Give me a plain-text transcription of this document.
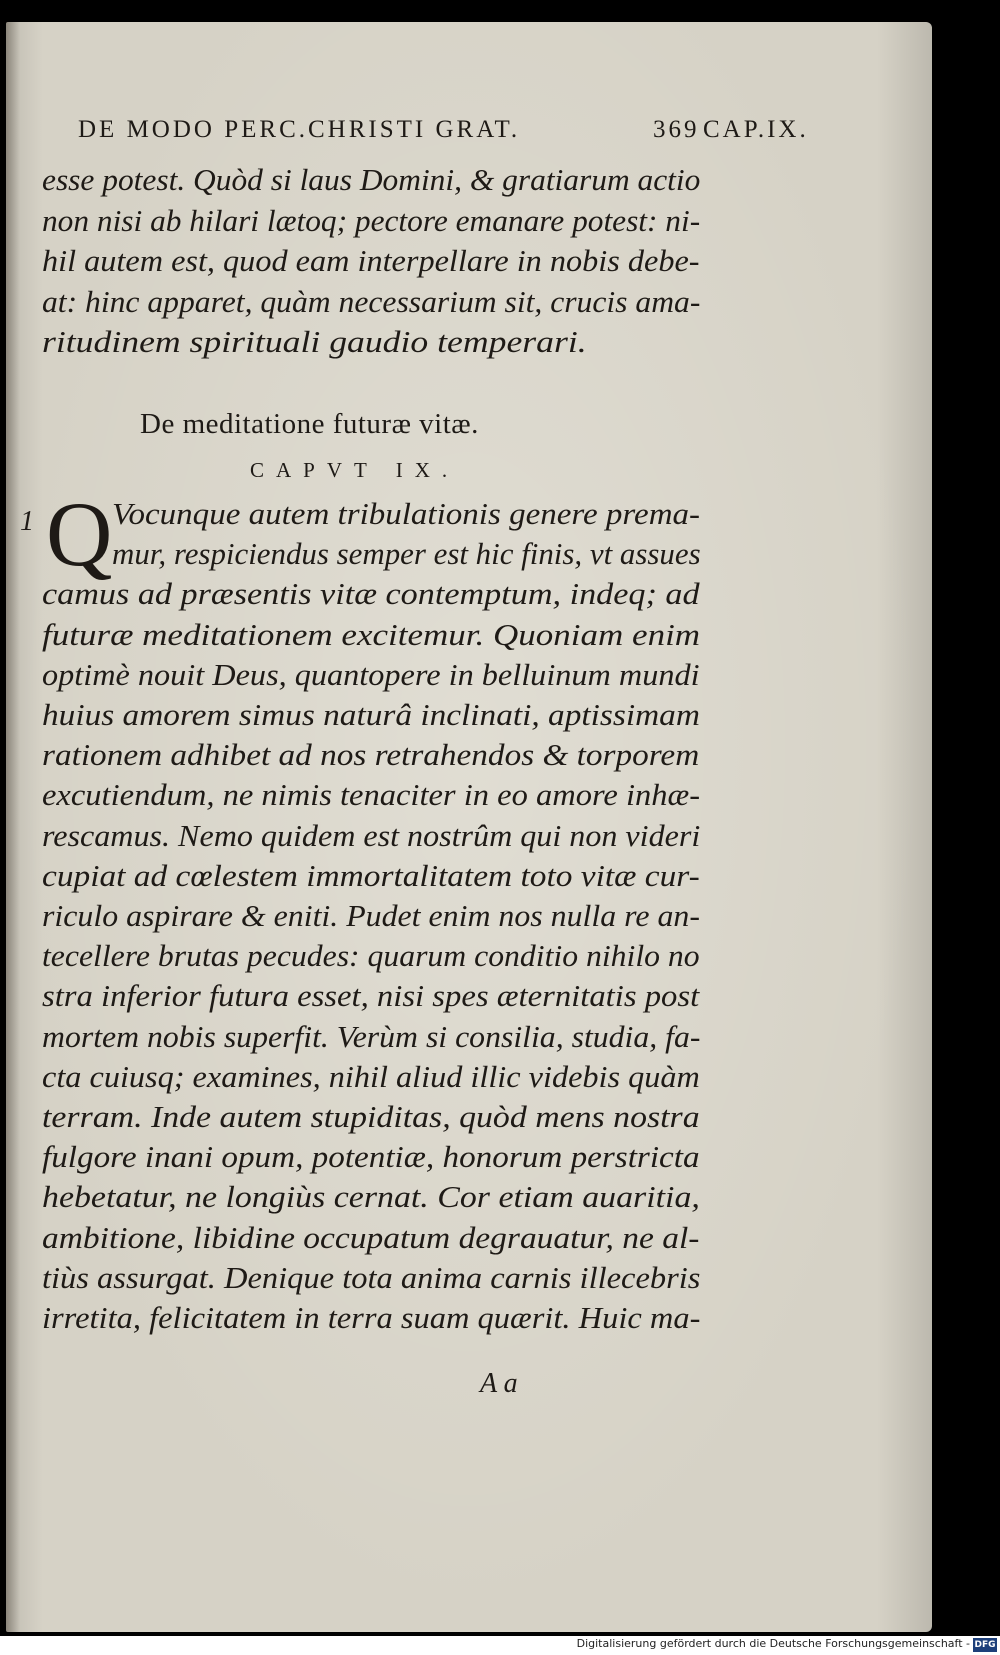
DE MODO PERC.CHRISTI GRAT.	369 CAP.IX.
esse potest. Quòd si laus Domini, & gratiarum actio
non nisi ab hilari lætoq; pectore emanare potest: ni-
hil autem est, quod eam interpellare in nobis debe-
at: hinc apparet, quàm necessarium sit, crucis ama-
ritudinem spirituali gaudio temperari.
De meditatione futuræ vitæ.
CAPVT IX.
1 Q Vocunque autem tribulationis genere prema-
mur, respiciendus semper est hic finis, vt assues
camus ad præsentis vitæ contemptum, indeq; ad
futuræ meditationem excitemur. Quoniam enim
optimè nouit Deus, quantopere in belluinum mundi
huius amorem simus naturâ inclinati, aptissimam
rationem adhibet ad nos retrahendos & torporem
excutiendum, ne nimis tenaciter in eo amore inhæ-
rescamus. Nemo quidem est nostrûm qui non videri
cupiat ad cœlestem immortalitatem toto vitæ cur-
riculo aspirare & eniti. Pudet enim nos nulla re an-
tecellere brutas pecudes: quarum conditio nihilo no
stra inferior futura esset, nisi spes æternitatis post
mortem nobis superfit. Verùm si consilia, studia, fa-
cta cuiusq; examines, nihil aliud illic videbis quàm
terram. Inde autem stupiditas, quòd mens nostra
fulgore inani opum, potentiæ, honorum perstricta
hebetatur, ne longiùs cernat. Cor etiam auaritia,
ambitione, libidine occupatum degrauatur, ne al-
tiùs assurgat. Denique tota anima carnis illecebris
irretita, felicitatem in terra suam quærit. Huic ma-
A a
Digitalisierung gefördert durch die Deutsche Forschungsgemeinschaft - DFG
